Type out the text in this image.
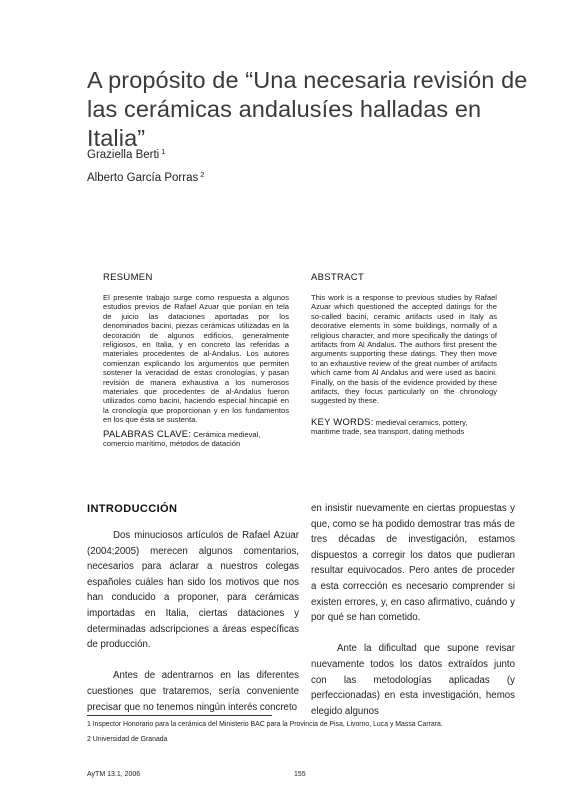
A propósito de “Una necesaria revisión de las cerámicas andalusíes halladas en Italia”
Graziella Berti $^1$
Alberto García Porras $^2$
RESUMEN
El presente trabajo surge como respuesta a algunos estudios previos de Rafael Azuar que ponían en tela de juicio las dataciones aportadas por los denominados bacini, piezas cerámicas utilizadas en la decoración de algunos edificios, generalmente religiosos, en Italia, y en concreto las referidas a materiales procedentes de al-Andalus. Los autores comienzan explicando los argumentos que permiten sostener la veracidad de estas cronologías, y pasan revisión de manera exhaustiva a los numerosos materiales que procedentes de al-Andalus fueron utilizados como bacini, haciendo especial hincapié en la cronología que proporcionan y en los fundamentos en los que ésta se sustenta.
PALABRAS CLAVE: Cerámica medieval, comercio marítimo, métodos de datación
ABSTRACT
This work is a response to previous studies by Rafael Azuar which questioned the accepted datings for the so-called bacini, ceramic artifacts used in Italy as decorative elements in some buildings, normally of a religious character, and more specifically the datings of artifacts from Al Andalus. The authors first present the arguments supporting these datings. They then move to an exhaustive review of the great number of artifacts which came from Al Andalus and were used as bacini. Finally, on the basis of the evidence provided by these artifacts, they focus particularly on the chronology suggested by these.
KEY WORDS: medieval ceramics, pottery, maritime trade, sea transport, dating methods
INTRODUCCIÓN

Dos minuciosos artículos de Rafael Azuar (2004;2005) merecen algunos comentarios, necesarios para aclarar a nuestros colegas españoles cuáles han sido los motivos que nos han conducido a proponer, para cerámicas importadas en Italia, ciertas dataciones y determinadas adscripciones a áreas específicas de producción.

Antes de adentrarnos en las diferentes cuestiones que trataremos, sería conveniente precisar que no tenemos ningún interés concreto

en insistir nuevamente en ciertas propuestas y que, como se ha podido demostrar tras más de tres décadas de investigación, estamos dispuestos a corregir los datos que pudieran resultar equivocados. Pero antes de proceder a esta corrección es necesario comprender si existen errores, y, en caso afirmativo, cuándo y por qué se han cometido.

Ante la dificultad que supone revisar nuevamente todos los datos extraídos junto con las metodologías aplicadas (y perfeccionadas) en esta investigación, hemos elegido algunos

1 Inspector Honorario para la cerámica del Ministerio BAC para la Provincia de Pisa, Livorno, Luca y Massa Carrara.
2 Universidad de Granada
AyTM 13.1, 2006	155
